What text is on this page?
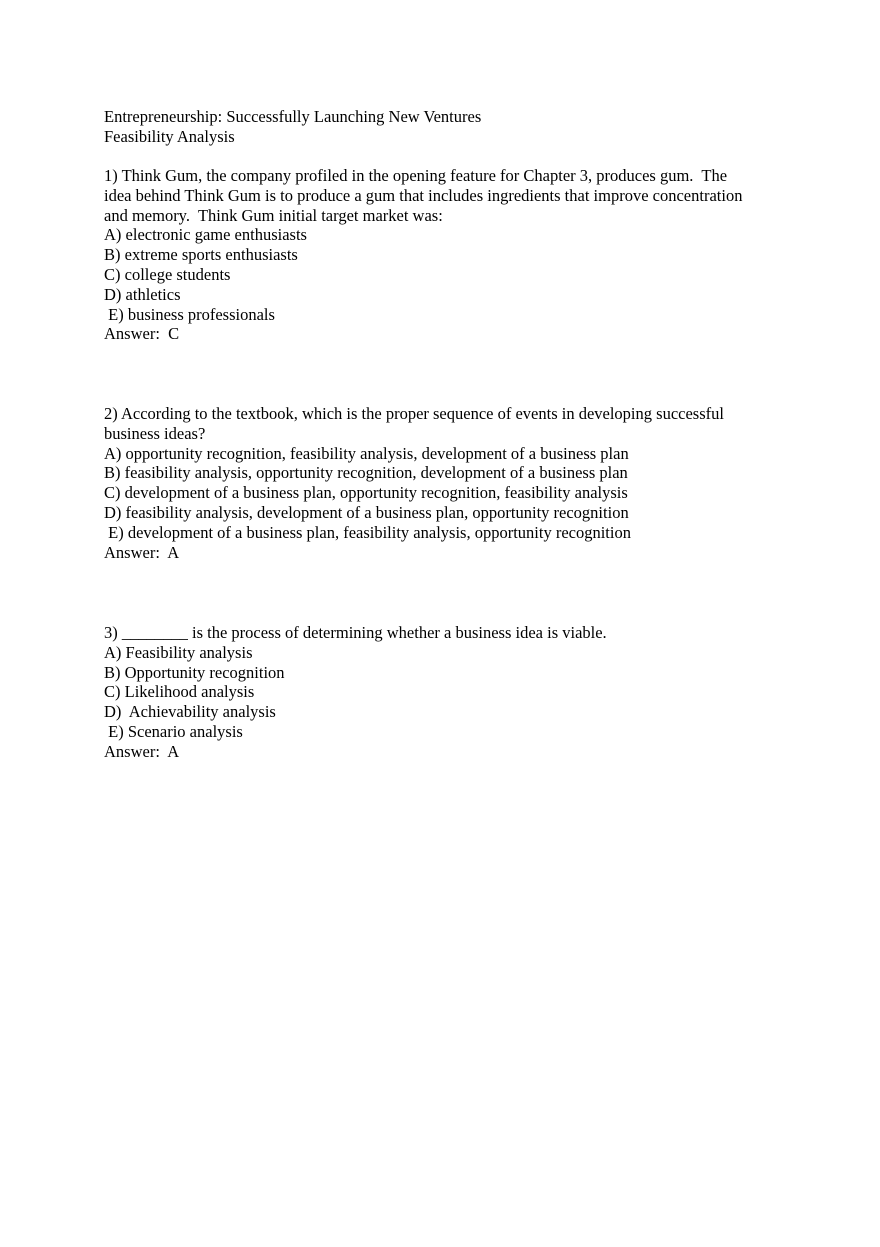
Entrepreneurship: Successfully Launching New Ventures
Feasibility Analysis
1) Think Gum, the company profiled in the opening feature for Chapter 3, produces gum.  The
idea behind Think Gum is to produce a gum that includes ingredients that improve concentration
and memory.  Think Gum initial target market was:
A) electronic game enthusiasts
B) extreme sports enthusiasts
C) college students
D) athletics
E) business professionals
Answer:  C
2) According to the textbook, which is the proper sequence of events in developing successful
business ideas?
A) opportunity recognition, feasibility analysis, development of a business plan
B) feasibility analysis, opportunity recognition, development of a business plan
C) development of a business plan, opportunity recognition, feasibility analysis
D) feasibility analysis, development of a business plan, opportunity recognition
E) development of a business plan, feasibility analysis, opportunity recognition
Answer:  A
3) ________ is the process of determining whether a business idea is viable.
A) Feasibility analysis
B) Opportunity recognition
C) Likelihood analysis
D)  Achievability analysis
E) Scenario analysis
Answer:  A
